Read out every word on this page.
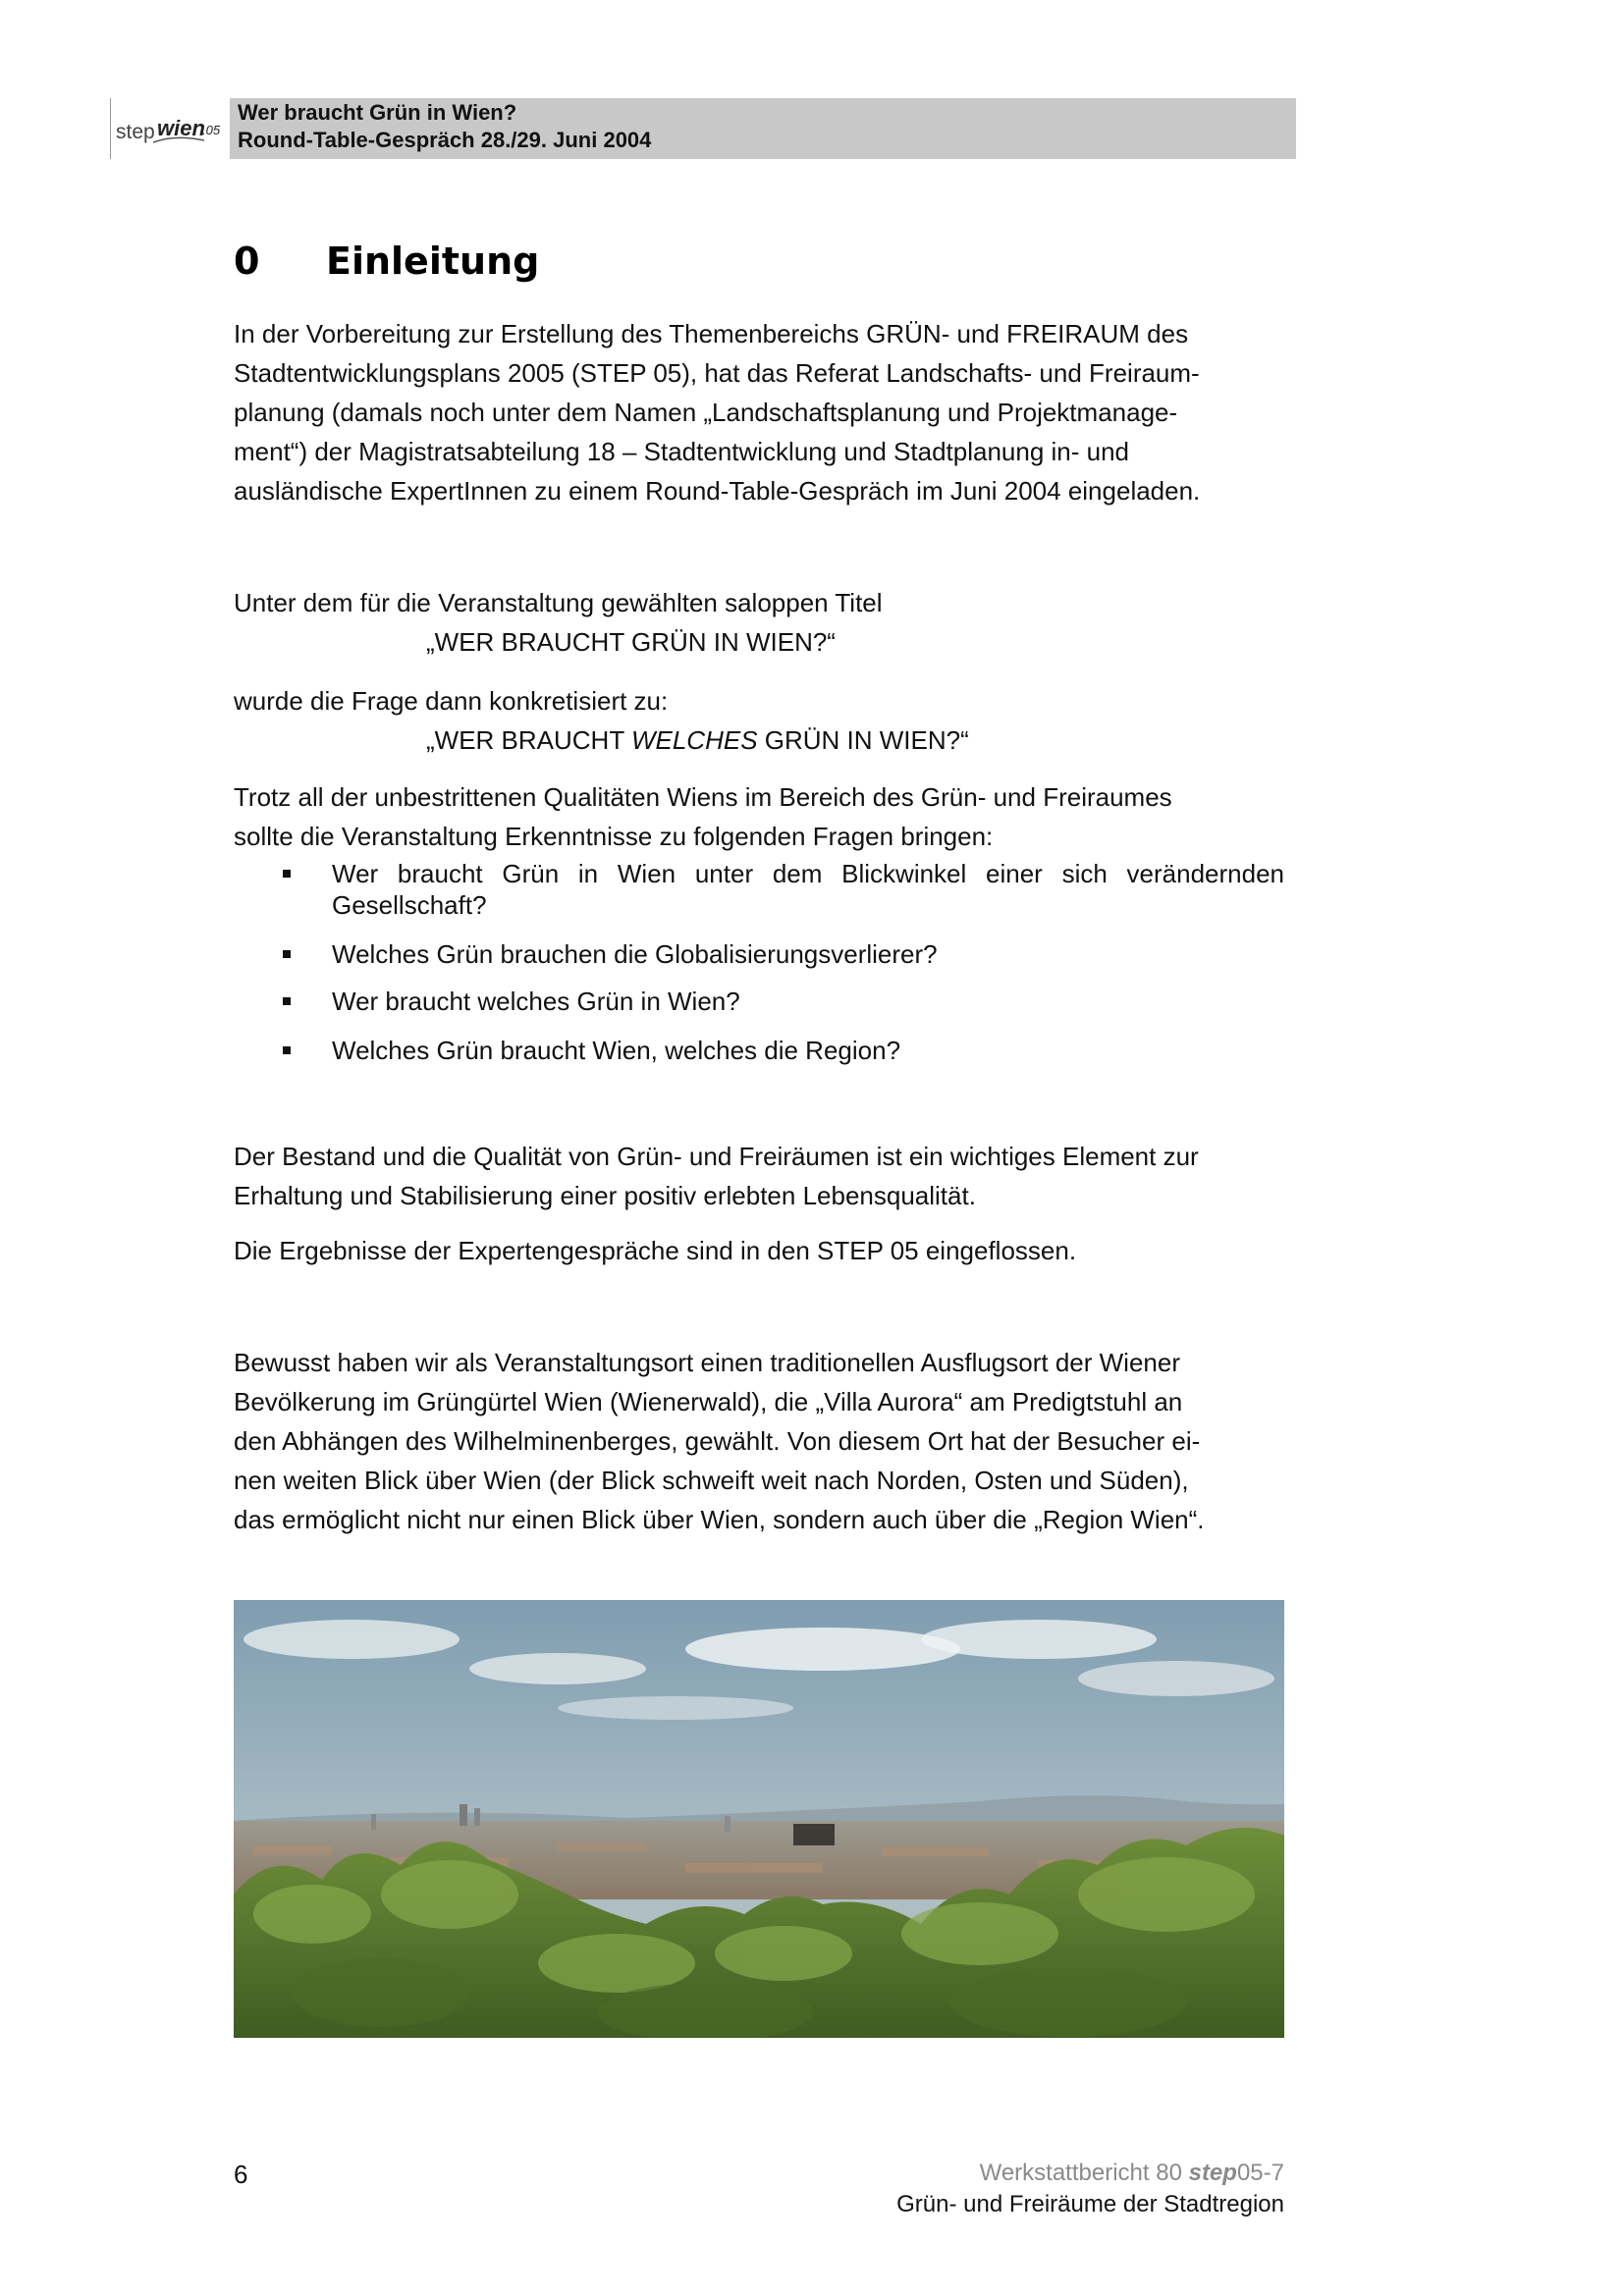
step wien
.05
Wer braucht Grün in Wien?
Round-Table-Gespräch 28./29. Juni 2004
0 Einleitung
In der Vorbereitung zur Erstellung des Themenbereichs GRÜN- und FREIRAUM des
Stadtentwicklungsplans 2005 (STEP 05), hat das Referat Landschafts- und Freiraum-
planung (damals noch unter dem Namen „Landschaftsplanung und Projektmanage-
ment“) der Magistratsabteilung 18 – Stadtentwicklung und Stadtplanung in- und
ausländische ExpertInnen zu einem Round-Table-Gespräch im Juni 2004 eingeladen.
Unter dem für die Veranstaltung gewählten saloppen Titel
„WER BRAUCHT GRÜN IN WIEN?“
wurde die Frage dann konkretisiert zu:
„WER BRAUCHT WELCHES GRÜN IN WIEN?“
Trotz all der unbestrittenen Qualitäten Wiens im Bereich des Grün- und Freiraumes
sollte die Veranstaltung Erkenntnisse zu folgenden Fragen bringen:
Wer braucht Grün in Wien unter dem Blickwinkel einer sich verändernden Gesellschaft?
Welches Grün brauchen die Globalisierungsverlierer?
Wer braucht welches Grün in Wien?
Welches Grün braucht Wien, welches die Region?
Der Bestand und die Qualität von Grün- und Freiräumen ist ein wichtiges Element zur
Erhaltung und Stabilisierung einer positiv erlebten Lebensqualität.
Die Ergebnisse der Expertengespräche sind in den STEP 05 eingeflossen.
Bewusst haben wir als Veranstaltungsort einen traditionellen Ausflugsort der Wiener
Bevölkerung im Grüngürtel Wien (Wienerwald), die „Villa Aurora“ am Predigtstuhl an
den Abhängen des Wilhelminenberges, gewählt. Von diesem Ort hat der Besucher ei-
nen weiten Blick über Wien (der Blick schweift weit nach Norden, Osten und Süden),
das ermöglicht nicht nur einen Blick über Wien, sondern auch über die „Region Wien“.
6	Werkstattbericht 80 step05-7
Grün- und Freiräume der Stadtregion
